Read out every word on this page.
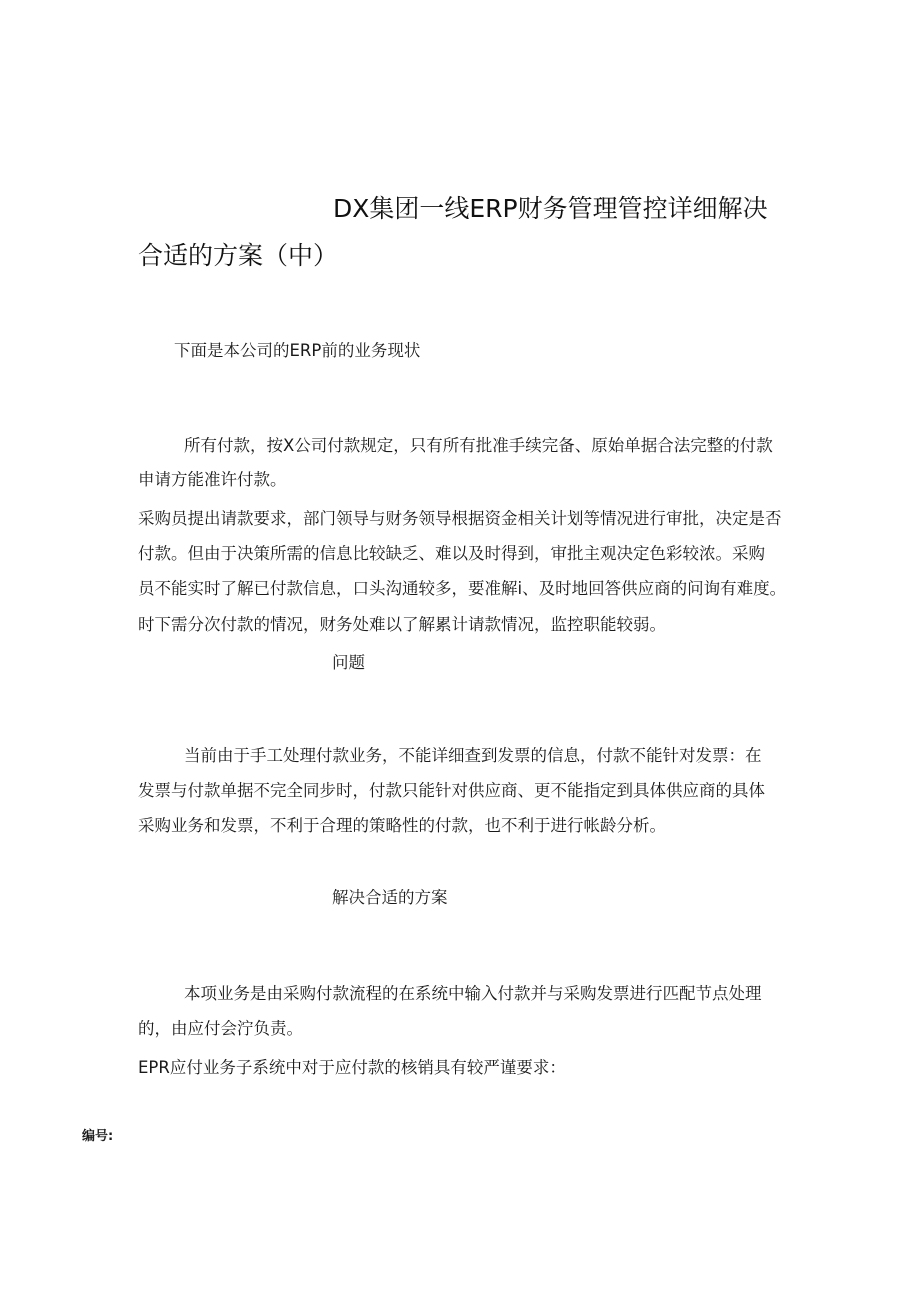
DX集团一线ERP财务管理管控详细解决
合适的方案（中）
下面是本公司的ERP前的业务现状
所有付款，按X公司付款规定，只有所有批准手续完备、原始单据合法完整的付款
申请方能准许付款。
采购员提出请款要求，部门领导与财务领导根据资金相关计划等情况进行审批，决定是否
付款。但由于决策所需的信息比较缺乏、难以及时得到，审批主观决定色彩较浓。采购
员不能实时了解已付款信息，口头沟通较多，要准解i、及时地回答供应商的问询有难度。
时下需分次付款的情况，财务处难以了解累计请款情况，监控职能较弱。
问题
当前由于手工处理付款业务，不能详细查到发票的信息，付款不能针对发票：在
发票与付款单据不完全同步时，付款只能针对供应商、更不能指定到具体供应商的具体
采购业务和发票，不利于合理的策略性的付款，也不利于进行帐龄分析。
解决合适的方案
本项业务是由采购付款流程的在系统中输入付款并与采购发票进行匹配节点处理
的，由应付会泞负责。
EPR应付业务子系统中对于应付款的核销具有较严谨要求：
编号:
